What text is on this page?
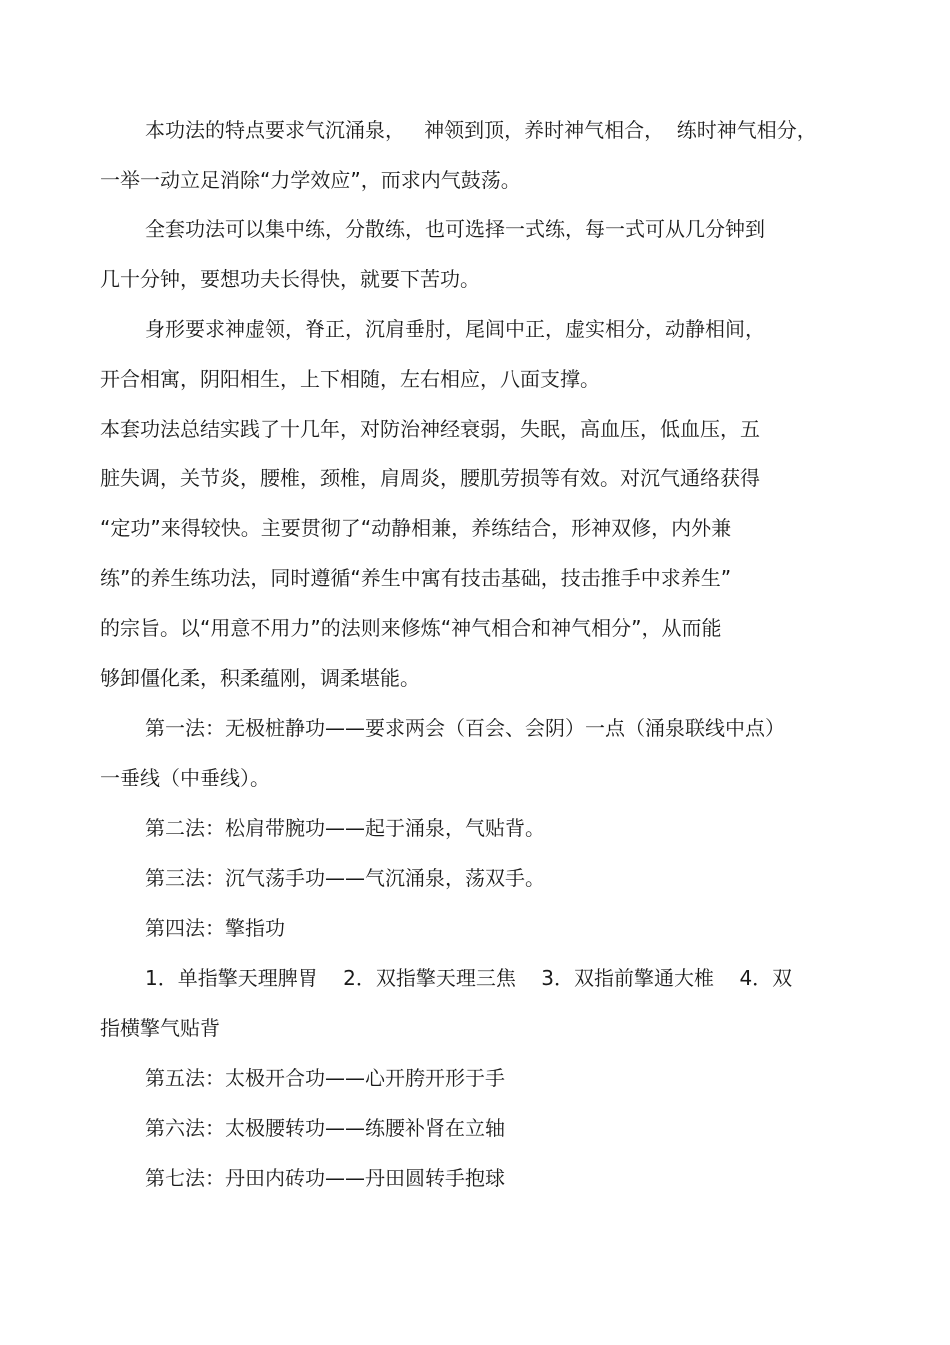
本功法的特点要求气沉涌泉，   神领到顶，养时神气相合，  练时神气相分，
一举一动立足消除“力学效应”，而求内气鼓荡。
全套功法可以集中练，分散练，也可选择一式练，每一式可从几分钟到
几十分钟，要想功夫长得快，就要下苦功。
身形要求神虚领，脊正，沉肩垂肘，尾闾中正，虚实相分，动静相间，
开合相寓，阴阳相生，上下相随，左右相应，八面支撑。
本套功法总结实践了十几年，对防治神经衰弱，失眠，高血压，低血压，五
脏失调，关节炎，腰椎，颈椎，肩周炎，腰肌劳损等有效。对沉气通络获得
“定功”来得较快。主要贯彻了“动静相兼，养练结合，形神双修，内外兼
练”的养生练功法，同时遵循“养生中寓有技击基础，技击推手中求养生”
的宗旨。以“用意不用力”的法则来修炼“神气相合和神气相分”，从而能
够卸僵化柔，积柔蕴刚，调柔堪能。
第一法：无极桩静功——要求两会（百会、会阴）一点（涌泉联线中点）
一垂线（中垂线）。
第二法：松肩带腕功——起于涌泉，气贴背。
第三法：沉气荡手功——气沉涌泉，荡双手。
第四法：擎指功
1．单指擎天理脾胃    2．双指擎天理三焦    3．双指前擎通大椎    4．双
指横擎气贴背
第五法：太极开合功——心开胯开形于手
第六法：太极腰转功——练腰补肾在立轴
第七法：丹田内砖功——丹田圆转手抱球
